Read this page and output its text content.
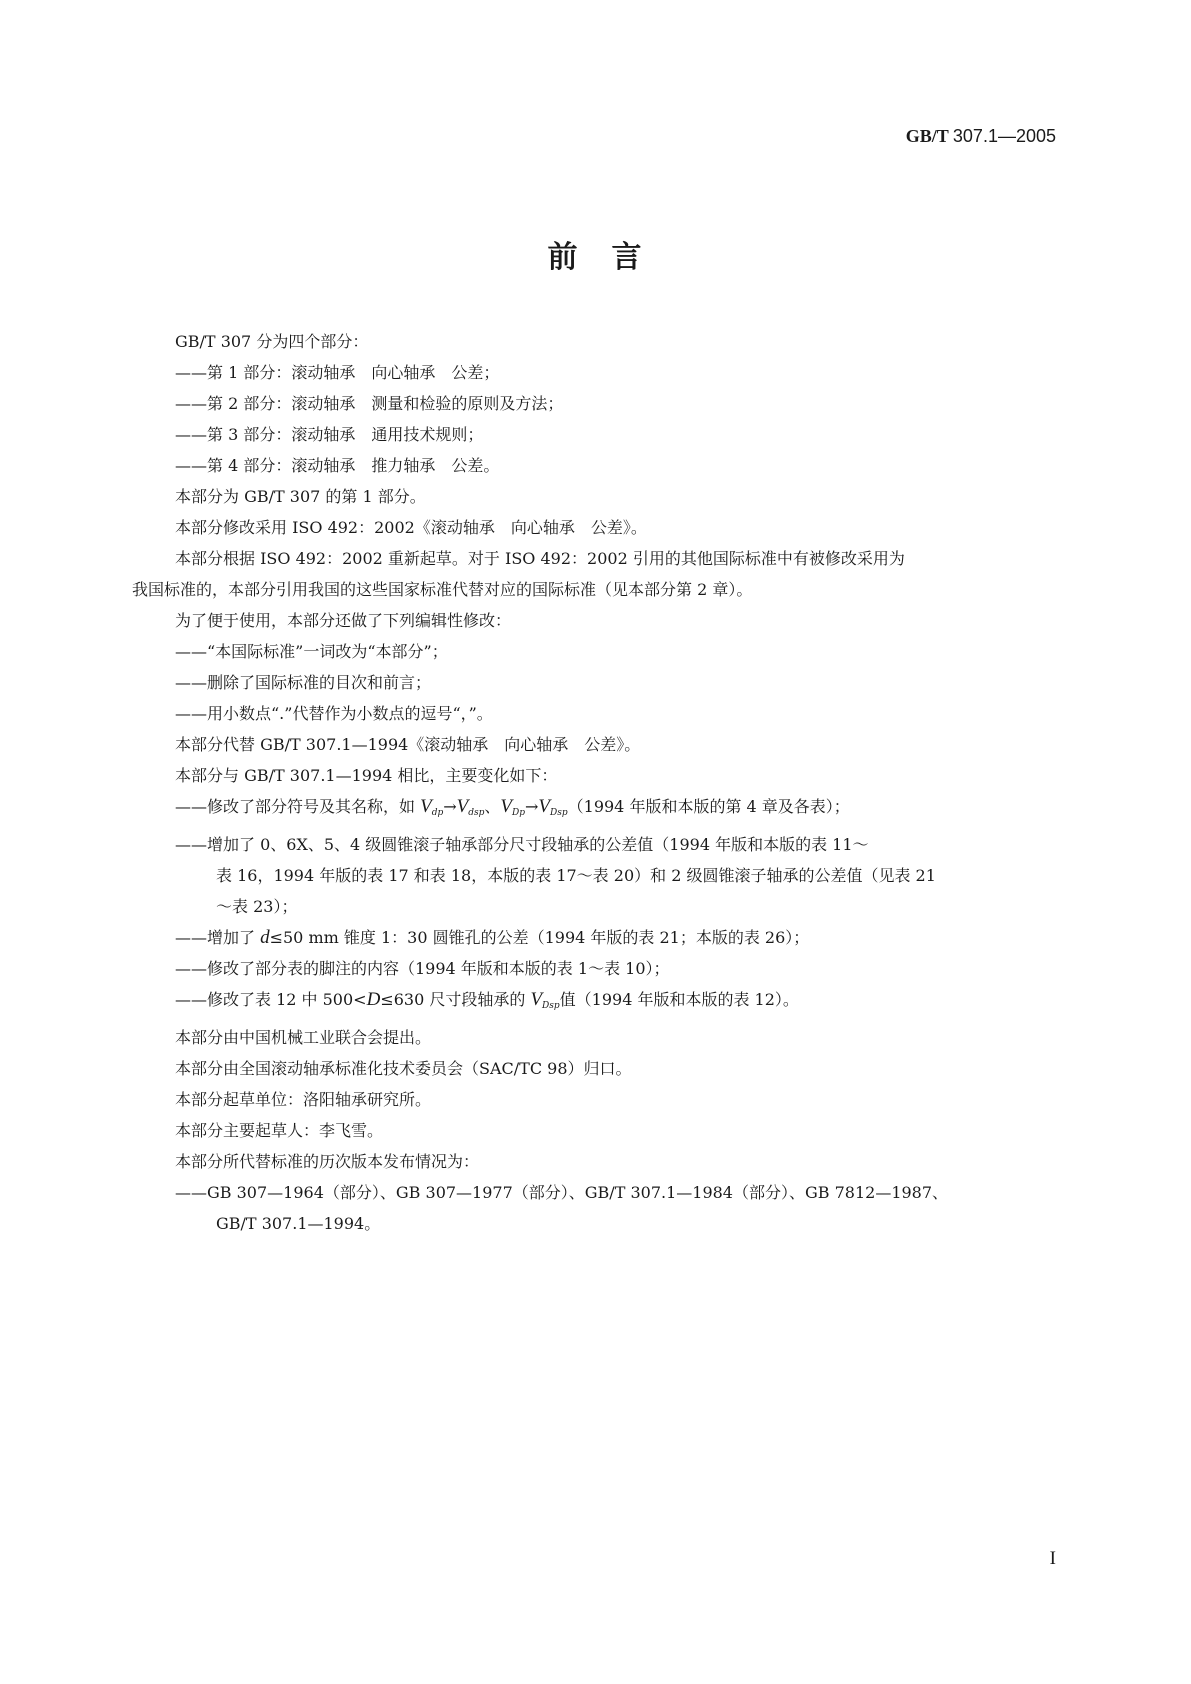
GB/T 307.1—2005
前　言
GB/T 307 分为四个部分：
——第 1 部分：滚动轴承　向心轴承　公差；
——第 2 部分：滚动轴承　测量和检验的原则及方法；
——第 3 部分：滚动轴承　通用技术规则；
——第 4 部分：滚动轴承　推力轴承　公差。
本部分为 GB/T 307 的第 1 部分。
本部分修改采用 ISO 492：2002《滚动轴承　向心轴承　公差》。
本部分根据 ISO 492：2002 重新起草。对于 ISO 492：2002 引用的其他国际标准中有被修改采用为
我国标准的，本部分引用我国的这些国家标准代替对应的国际标准（见本部分第 2 章）。
为了便于使用，本部分还做了下列编辑性修改：
——“本国际标准”一词改为“本部分”；
——删除了国际标准的目次和前言；
——用小数点“.”代替作为小数点的逗号“，”。
本部分代替 GB/T 307.1—1994《滚动轴承　向心轴承　公差》。
本部分与 GB/T 307.1—1994 相比，主要变化如下：
——修改了部分符号及其名称，如 $V_{dp}\to V_{dsp}$、$V_{Dp}\to V_{Dsp}(1994$ 年版和本版的第 4 章及各表）；
——增加了 0、6X、5、4 级圆锥滚子轴承部分尺寸段轴承的公差值（1994 年版和本版的表 11～
表 16，1994 年版的表 17 和表 18，本版的表 17～表 20）和 2 级圆锥滚子轴承的公差值（见表 21
～表 23）；
——增加了 d≤50 mm 锥度 1：30 圆锥孔的公差（1994 年版的表 21；本版的表 26）；
——修改了部分表的脚注的内容（1994 年版和本版的表 1～表 10）；
——修改了表 12 中 500<D≤630 尺寸段轴承的 $V_{Dsp}$值（1994 年版和本版的表 12）。
本部分由中国机械工业联合会提出。
本部分由全国滚动轴承标准化技术委员会（SAC/TC 98）归口。
本部分起草单位：洛阳轴承研究所。
本部分主要起草人：李飞雪。
本部分所代替标准的历次版本发布情况为：
——GB 307—1964（部分）、GB 307—1977（部分）、GB/T 307.1—1984（部分）、GB 7812—1987、
GB/T 307.1—1994。
I
